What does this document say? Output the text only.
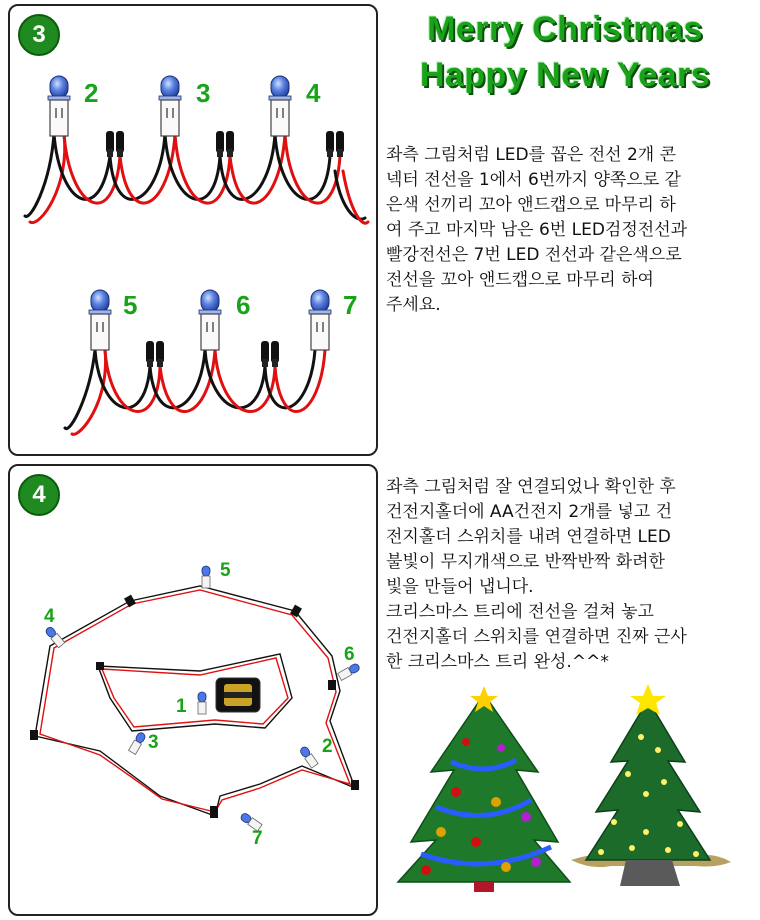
Merry Christmas
Happy New Years
2	3	4
5	6	7
3
1
2
3
4
5
6
7
4
좌측 그림처럼 LED를 꼽은 전선 2개 콘
넥터 전선을 1에서 6번까지 양쪽으로 같
은색 선끼리 꼬아 앤드캡으로 마무리 하
여 주고 마지막 남은 6번 LED검정전선과
빨강전선은 7번 LED 전선과 같은색으로
전선을 꼬아 앤드캡으로 마무리 하여
주세요.
좌측 그림처럼 잘 연결되었나 확인한 후
건전지홀더에 AA건전지 2개를 넣고 건
전지홀더 스위치를 내려 연결하면 LED
불빛이 무지개색으로 반짝반짝 화려한
빛을 만들어 냅니다.
크리스마스 트리에 전선을 걸쳐 놓고
건전지홀더 스위치를 연결하면 진짜 근사
한 크리스마스 트리 완성.^^*
